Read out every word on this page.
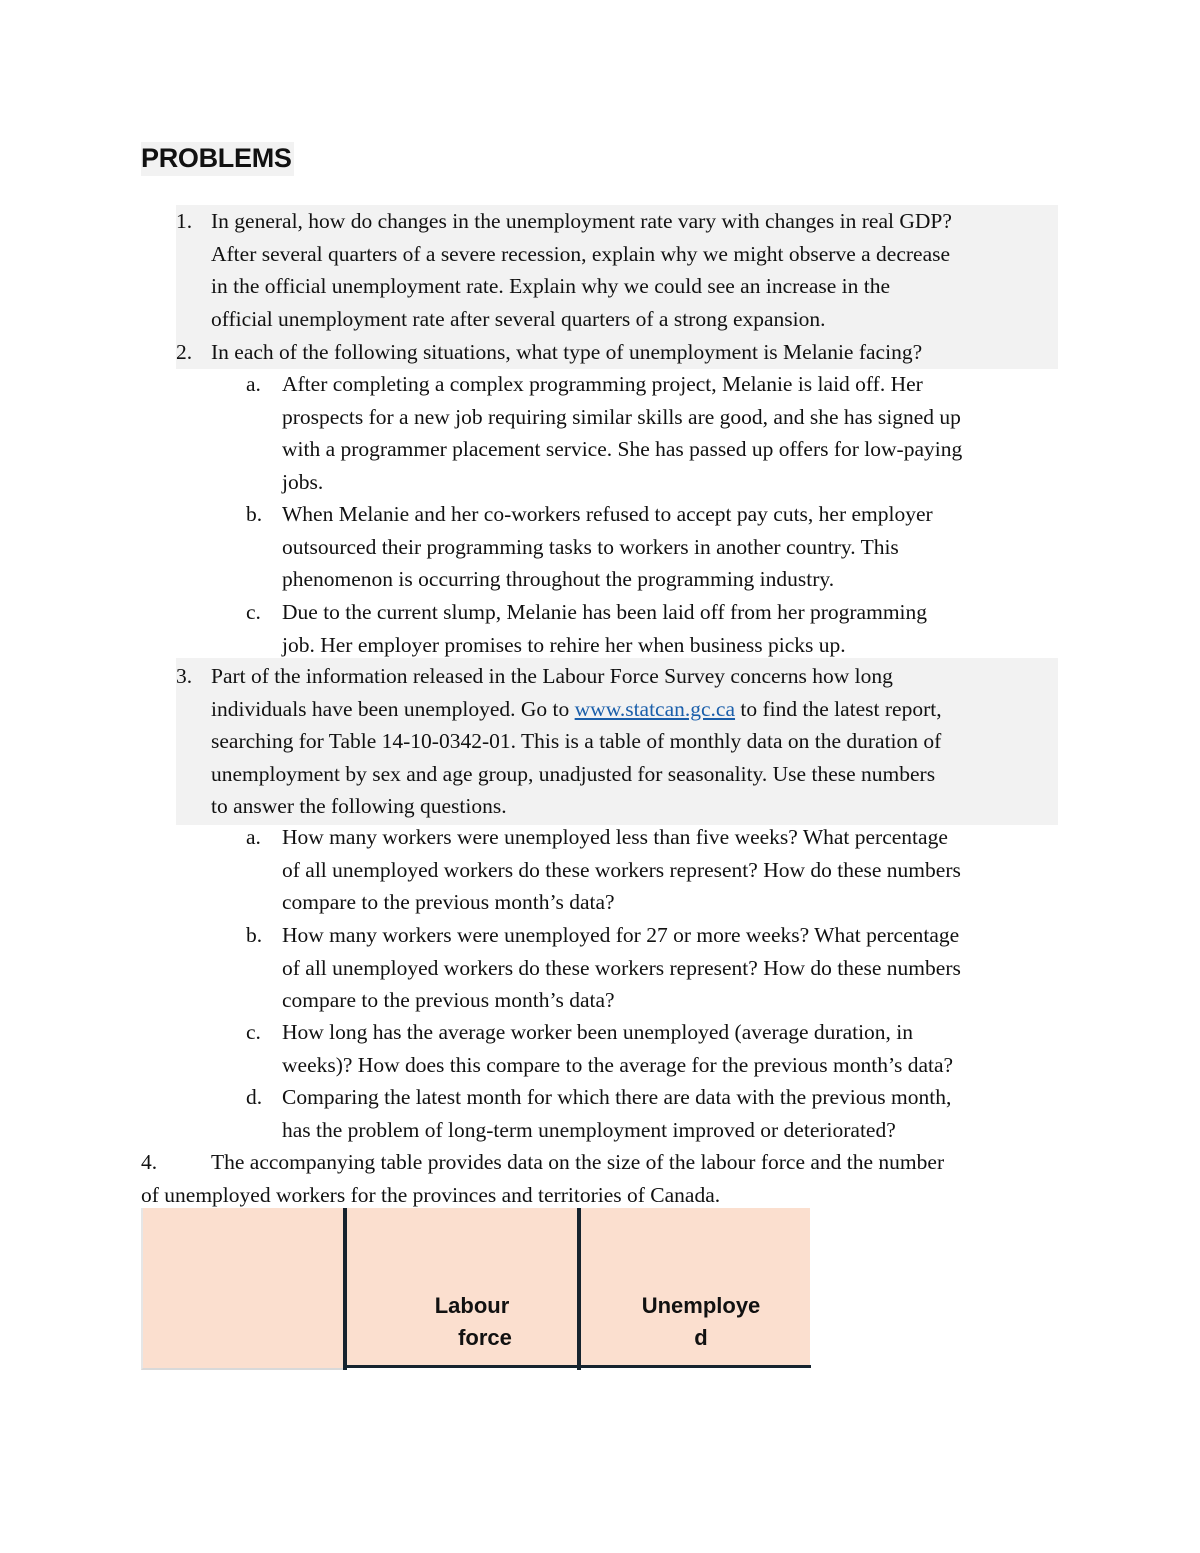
PROBLEMS
1. In general, how do changes in the unemployment rate vary with changes in real GDP?
After several quarters of a severe recession, explain why we might observe a decrease
in the official unemployment rate. Explain why we could see an increase in the
official unemployment rate after several quarters of a strong expansion.
2. In each of the following situations, what type of unemployment is Melanie facing?
a. After completing a complex programming project, Melanie is laid off. Her
prospects for a new job requiring similar skills are good, and she has signed up
with a programmer placement service. She has passed up offers for low-paying
jobs.
b. When Melanie and her co-workers refused to accept pay cuts, her employer
outsourced their programming tasks to workers in another country. This
phenomenon is occurring throughout the programming industry.
c. Due to the current slump, Melanie has been laid off from her programming
job. Her employer promises to rehire her when business picks up.
3. Part of the information released in the Labour Force Survey concerns how long
individuals have been unemployed. Go to www.statcan.gc.ca to find the latest report,
searching for Table 14-10-0342-01. This is a table of monthly data on the duration of
unemployment by sex and age group, unadjusted for seasonality. Use these numbers
to answer the following questions.
a. How many workers were unemployed less than five weeks? What percentage
of all unemployed workers do these workers represent? How do these numbers
compare to the previous month’s data?
b. How many workers were unemployed for 27 or more weeks? What percentage
of all unemployed workers do these workers represent? How do these numbers
compare to the previous month’s data?
c. How long has the average worker been unemployed (average duration, in
weeks)? How does this compare to the average for the previous month’s data?
d. Comparing the latest month for which there are data with the previous month,
has the problem of long-term unemployment improved or deteriorated?
4.	The accompanying table provides data on the size of the labour force and the number
of unemployed workers for the provinces and territories of Canada.
Labour
force
Unemploye
d
